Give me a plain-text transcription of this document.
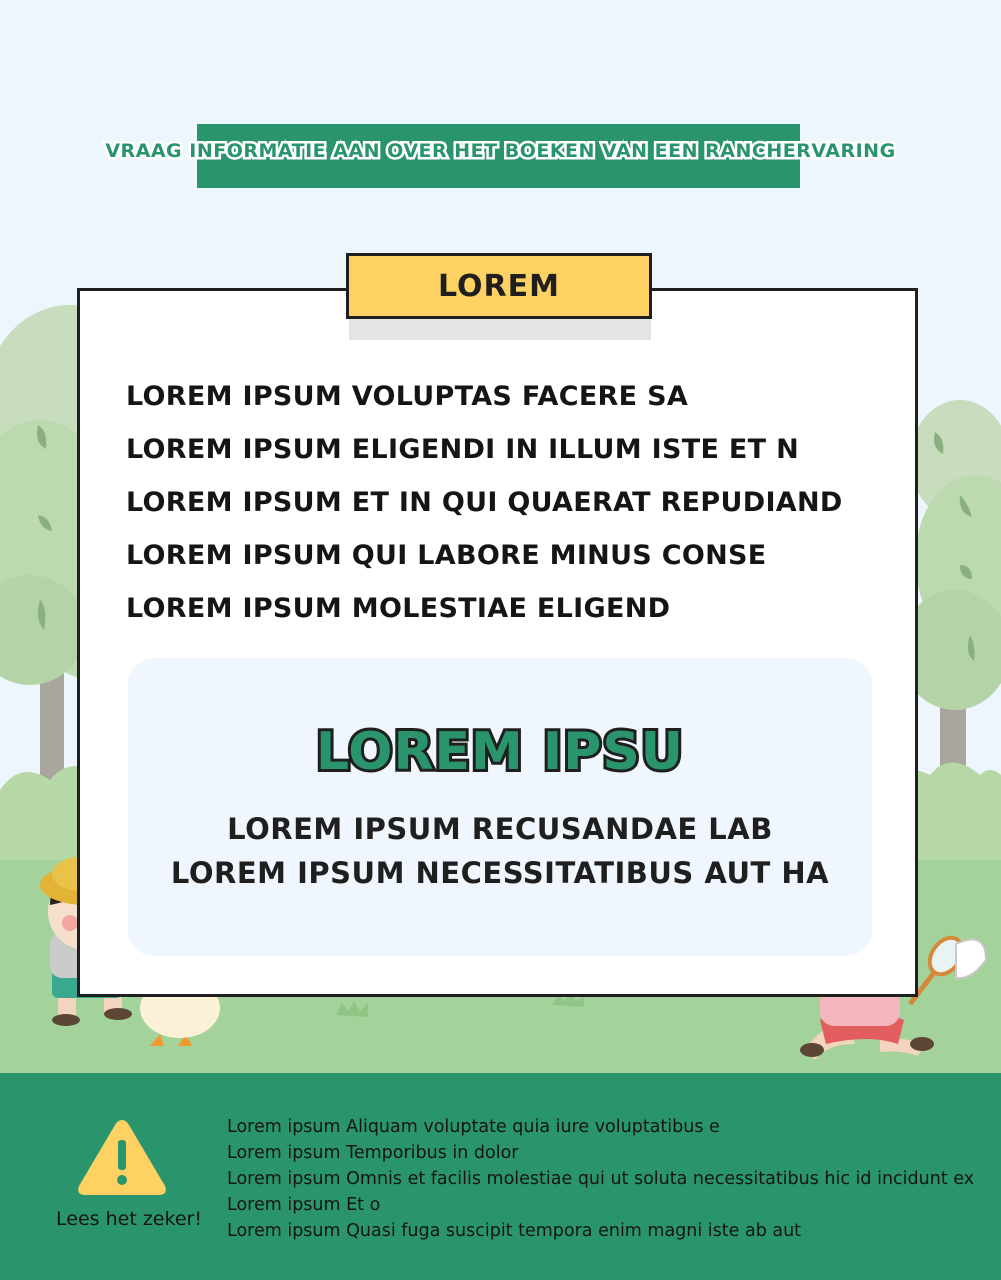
VRAAG INFORMATIE AAN OVER HET BOEKEN VAN EEN RANCHERVARING
LOREM
LOREM IPSUM VOLUPTAS FACERE SA
LOREM IPSUM ELIGENDI IN ILLUM ISTE ET N
LOREM IPSUM ET IN QUI QUAERAT REPUDIAND
LOREM IPSUM QUI LABORE MINUS CONSE
LOREM IPSUM MOLESTIAE ELIGEND
LOREM IPSU
LOREM IPSUM RECUSANDAE LAB
LOREM IPSUM NECESSITATIBUS AUT HA
Lees het zeker!
Lorem ipsum Aliquam voluptate quia iure voluptatibus e
Lorem ipsum Temporibus in dolor
Lorem ipsum Omnis et facilis molestiae qui ut soluta necessitatibus hic id incidunt ex
Lorem ipsum Et o
Lorem ipsum Quasi fuga suscipit tempora enim magni iste ab aut
